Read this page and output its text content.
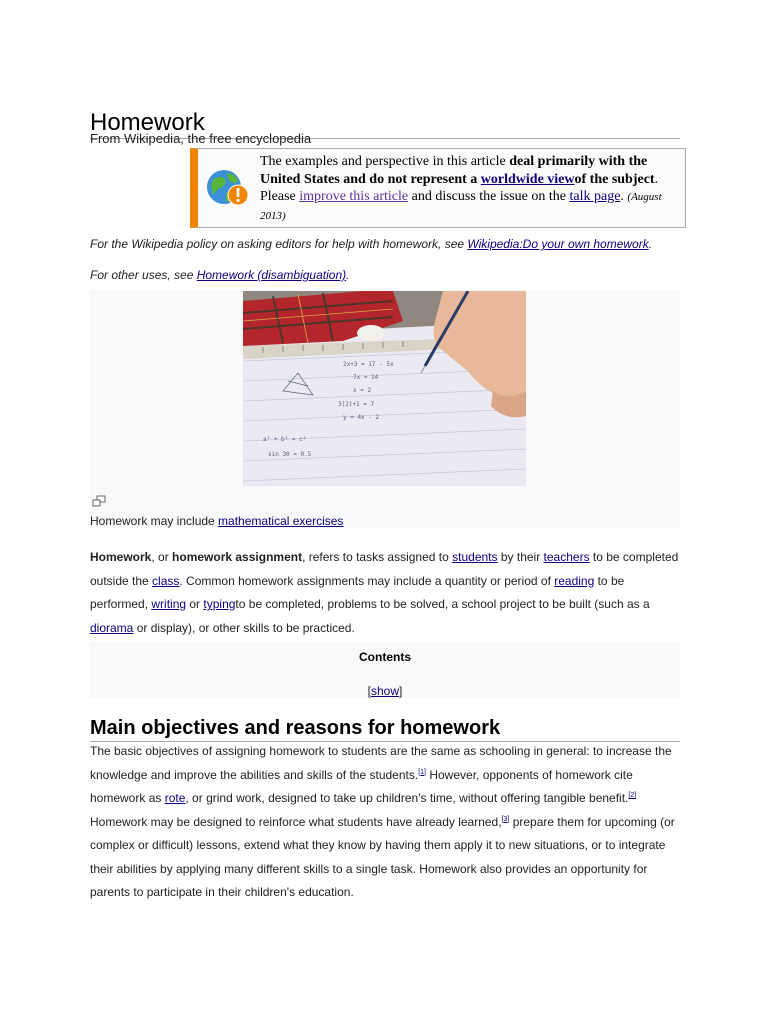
Homework
From Wikipedia, the free encyclopedia
The examples and perspective in this article deal primarily with the United States and do not represent a worldwide viewof the subject. Please improve this article and discuss the issue on the talk page. (August 2013)
For the Wikipedia policy on asking editors for help with homework, see Wikipedia:Do your own homework.
For other uses, see Homework (disambiguation).
2x+3 = 17 - 5x
7x = 14
x = 2
3(2)+1 = 7
y = 4x - 2
a² + b² = c²
sin 30 = 0.5
Homework may include mathematical exercises
Homework, or homework assignment, refers to tasks assigned to students by their teachers to be completed outside the class. Common homework assignments may include a quantity or period of reading to be performed, writing or typingto be completed, problems to be solved, a school project to be built (such as a diorama or display), or other skills to be practiced.
Contents
[show]
Main objectives and reasons for homework
The basic objectives of assigning homework to students are the same as schooling in general: to increase the knowledge and improve the abilities and skills of the students.[1] However, opponents of homework cite homework as rote, or grind work, designed to take up children's time, without offering tangible benefit.[2] Homework may be designed to reinforce what students have already learned,[3] prepare them for upcoming (or complex or difficult) lessons, extend what they know by having them apply it to new situations, or to integrate their abilities by applying many different skills to a single task. Homework also provides an opportunity for parents to participate in their children's education.
